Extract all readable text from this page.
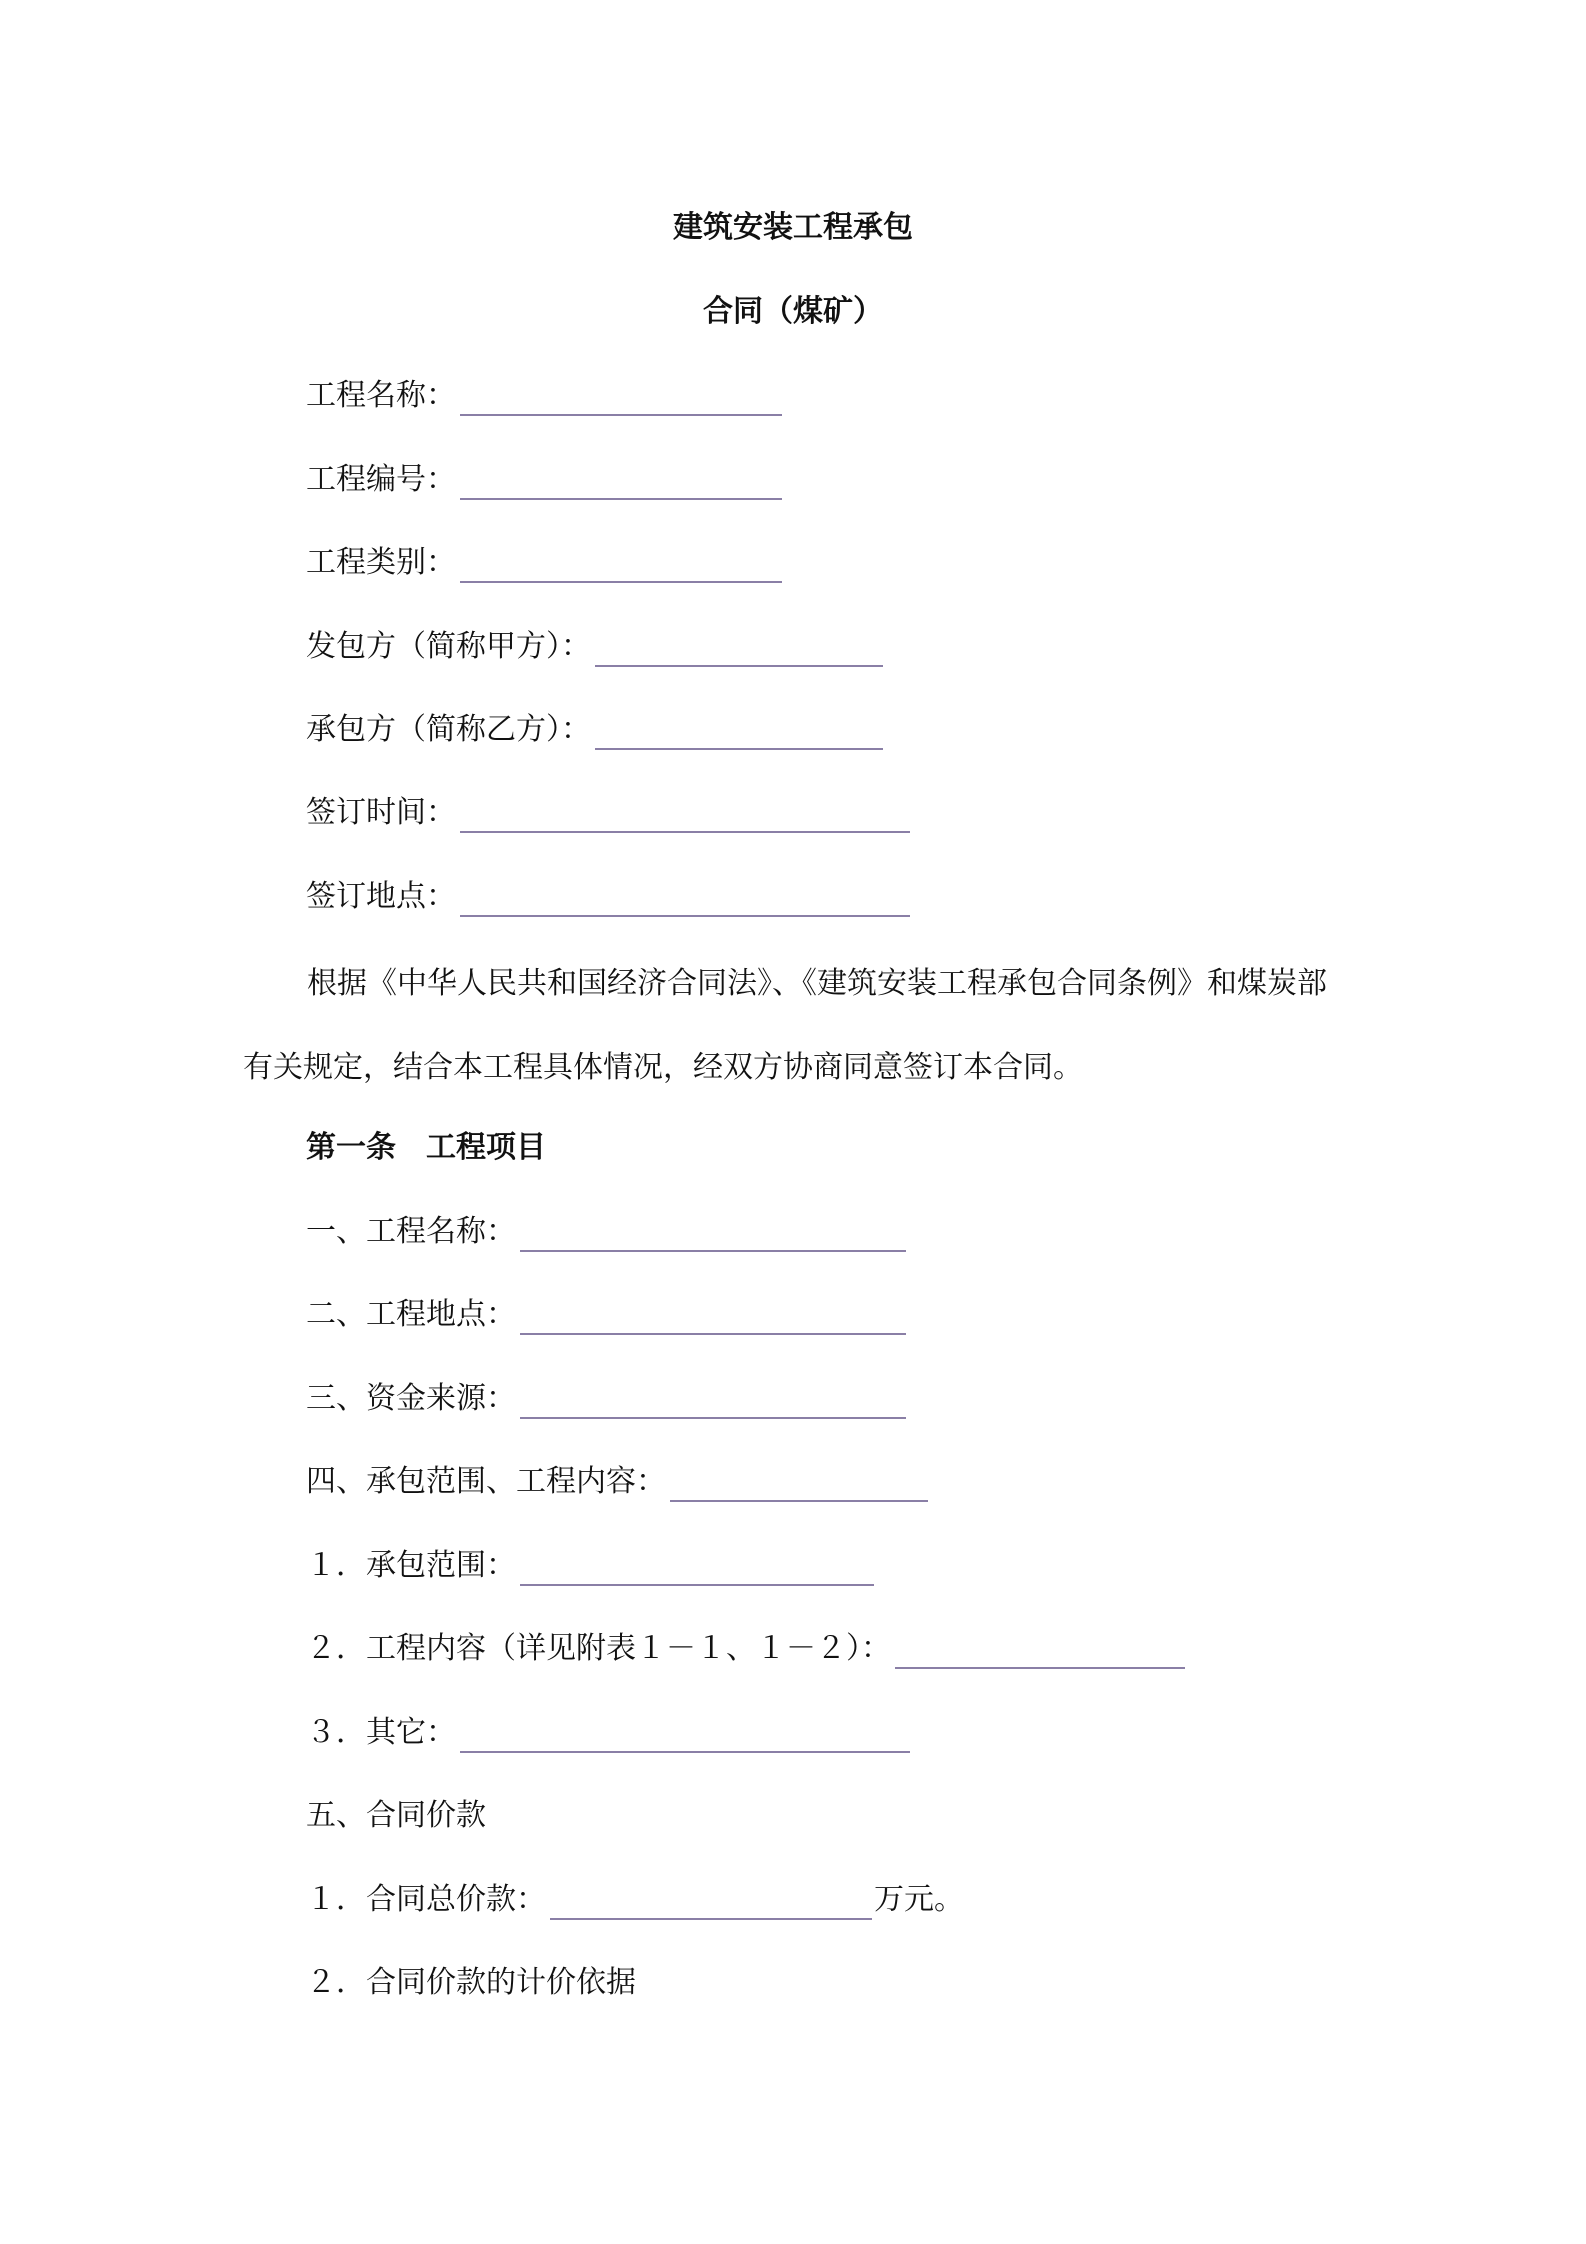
建筑安装工程承包
合同（煤矿）
工程名称：
工程编号：
工程类别：
发包方（简称甲方）：
承包方（简称乙方）：
签订时间：
签订地点：

根据《中华人民共和国经济合同法》、《建筑安装工程承包合同条例》和煤炭部有关规定，结合本工程具体情况，经双方协商同意签订本合同。

第一条　工程项目
一、工程名称：
二、工程地点：
三、资金来源：
四、承包范围、工程内容：
１．承包范围：
２．工程内容（详见附表１－１、１－２）：
３．其它：
五、合同价款
１．合同总价款：	万元。
２．合同价款的计价依据
